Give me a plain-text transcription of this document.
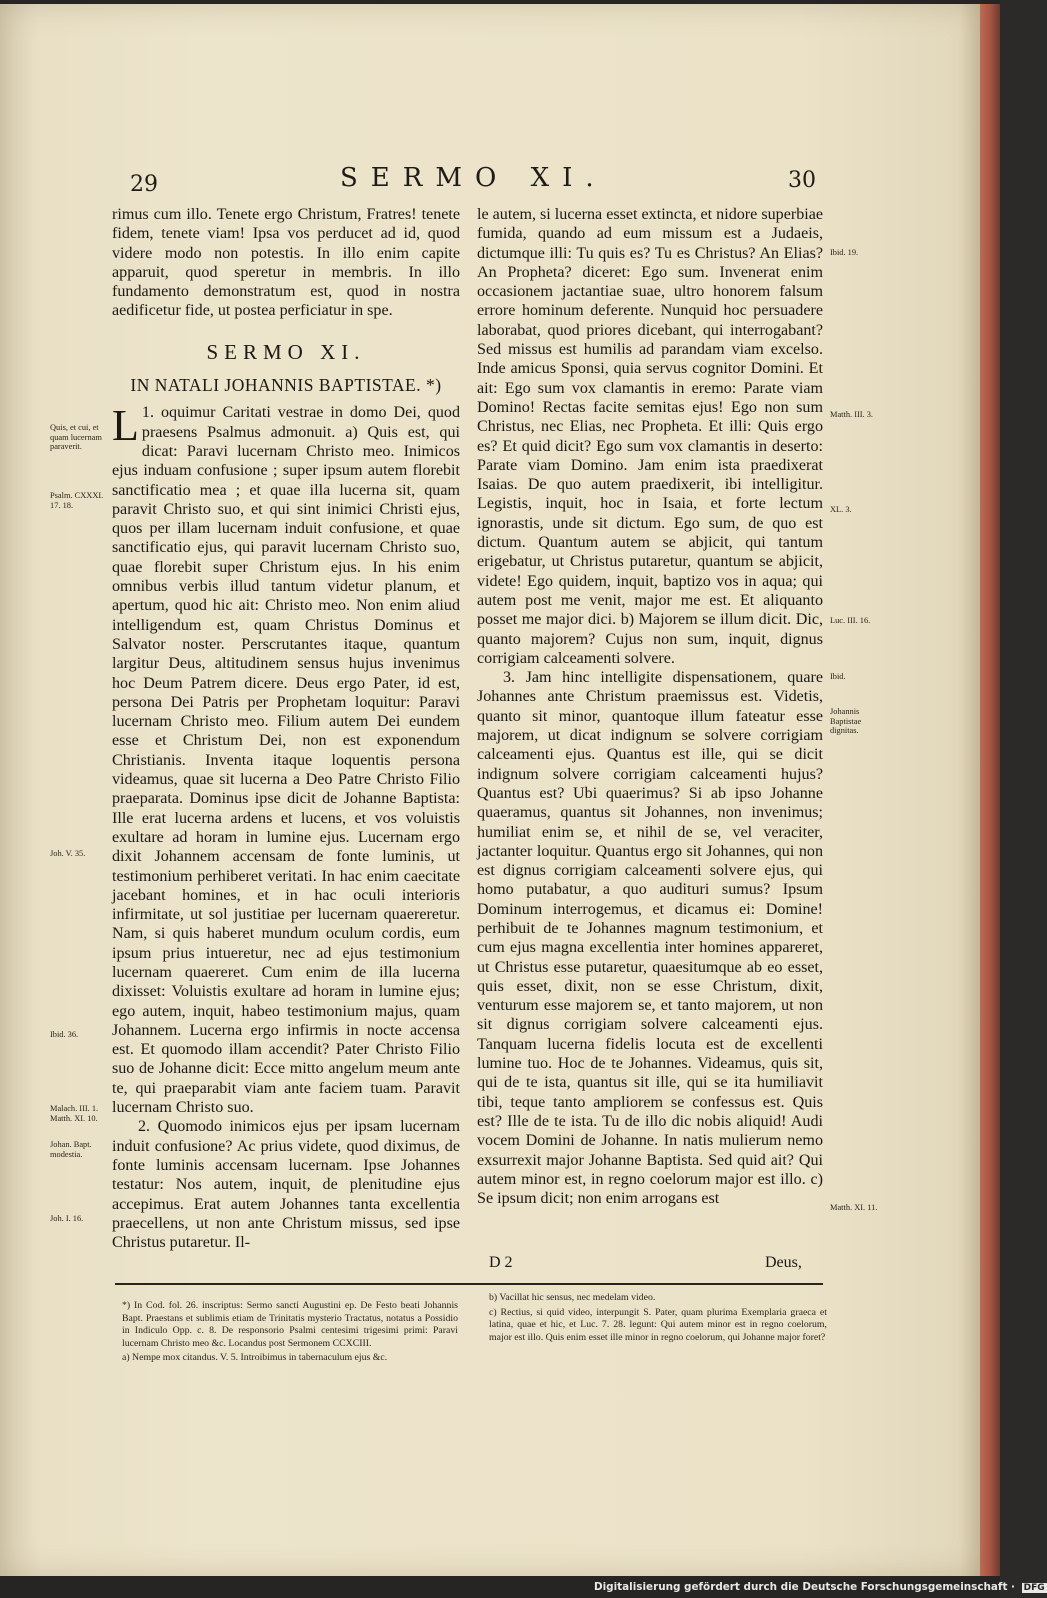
29	SERMO XI.	30

rimus cum illo. Tenete ergo Christum, Fratres! tenete fidem, tenete viam! Ipsa vos perducet ad id, quod videre modo non potestis. In illo enim capite apparuit, quod speretur in membris. In illo fundamento demonstratum est, quod in nostra aedificetur fide, ut postea perficiatur in spe.

SERMO XI.

IN NATALI JOHANNIS BAPTISTAE. *)

1.
L oquimur Caritati vestrae in domo Dei, quod praesens Psalmus admonuit. a) Quis est, qui dicat: Paravi lucernam Christo meo. Inimicos ejus induam confusione ; super ipsum autem florebit sanctificatio mea ; et quae illa lucerna sit, quam paravit Christo suo, et qui sint inimici Christi ejus, quos per illam lucernam induit confusione, et quae sanctificatio ejus, qui paravit lucernam Christo suo, quae florebit super Christum ejus. In his enim omnibus verbis illud tantum videtur planum, et apertum, quod hic ait: Christo meo. Non enim aliud intelligendum est, quam Christus Dominus et Salvator noster. Perscrutantes itaque, quantum largitur Deus, altitudinem sensus hujus invenimus hoc Deum Patrem dicere. Deus ergo Pater, id est, persona Dei Patris per Prophetam loquitur: Paravi lucernam Christo meo. Filium autem Dei eundem esse et Christum Dei, non est exponendum Christianis. Inventa itaque loquentis persona videamus, quae sit lucerna a Deo Patre Christo Filio praeparata. Dominus ipse dicit de Johanne Baptista: Ille erat lucerna ardens et lucens, et vos voluistis exultare ad horam in lumine ejus. Lucernam ergo dixit Johannem accensam de fonte luminis, ut testimonium perhiberet veritati. In hac enim caecitate jacebant homines, et in hac oculi interioris infirmitate, ut sol justitiae per lucernam quaereretur. Nam, si quis haberet mundum oculum cordis, eum ipsum prius intueretur, nec ad ejus testimonium lucernam quaereret. Cum enim de illa lucerna dixisset: Voluistis exultare ad horam in lumine ejus; ego autem, inquit, habeo testimonium majus, quam Johannem. Lucerna ergo infirmis in nocte accensa est. Et quomodo illam accendit? Pater Christo Filio suo de Johanne dicit: Ecce mitto angelum meum ante te, qui praeparabit viam ante faciem tuam. Paravit lucernam Christo suo.

2. Quomodo inimicos ejus per ipsam lucernam induit confusione? Ac prius videte, quod diximus, de fonte luminis accensam lucernam. Ipse Johannes testatur: Nos autem, inquit, de plenitudine ejus accepimus. Erat autem Johannes tanta excellentia praecellens, ut non ante Christum missus, sed ipse Christus putaretur. Il-

le autem, si lucerna esset extincta, et nidore superbiae fumida, quando ad eum missum est a Judaeis, dictumque illi: Tu quis es? Tu es Christus? An Elias? An Propheta? diceret: Ego sum. Invenerat enim occasionem jactantiae suae, ultro honorem falsum errore hominum deferente. Nunquid hoc persuadere laborabat, quod priores dicebant, qui interrogabant? Sed missus est humilis ad parandam viam excelso. Inde amicus Sponsi, quia servus cognitor Domini. Et ait: Ego sum vox clamantis in eremo: Parate viam Domino! Rectas facite semitas ejus! Ego non sum Christus, nec Elias, nec Propheta. Et illi: Quis ergo es? Et quid dicit? Ego sum vox clamantis in deserto: Parate viam Domino. Jam enim ista praedixerat Isaias. De quo autem praedixerit, ibi intelligitur. Legistis, inquit, hoc in Isaia, et forte lectum ignorastis, unde sit dictum. Ego sum, de quo est dictum. Quantum autem se abjicit, qui tantum erigebatur, ut Christus putaretur, quantum se abjicit, videte! Ego quidem, inquit, baptizo vos in aqua; qui autem post me venit, major me est. Et aliquanto posset me major dici. b) Majorem se illum dicit. Dic, quanto majorem? Cujus non sum, inquit, dignus corrigiam calceamenti solvere.

3. Jam hinc intelligite dispensationem, quare Johannes ante Christum praemissus est. Videtis, quanto sit minor, quantoque illum fateatur esse majorem, ut dicat indignum se solvere corrigiam calceamenti ejus. Quantus est ille, qui se dicit indignum solvere corrigiam calceamenti hujus? Quantus est? Ubi quaerimus? Si ab ipso Johanne quaeramus, quantus sit Johannes, non invenimus; humiliat enim se, et nihil de se, vel veraciter, jactanter loquitur. Quantus ergo sit Johannes, qui non est dignus corrigiam calceamenti solvere ejus, qui homo putabatur, a quo audituri sumus? Ipsum Dominum interrogemus, et dicamus ei: Domine! perhibuit de te Johannes magnum testimonium, et cum ejus magna excellentia inter homines appareret, ut Christus esse putaretur, quaesitumque ab eo esset, quis esset, dixit, non se esse Christum, dixit, venturum esse majorem se, et tanto majorem, ut non sit dignus corrigiam solvere calceamenti ejus. Tanquam lucerna fidelis locuta est de excellenti lumine tuo. Hoc de te Johannes. Videamus, quis sit, qui de te ista, quantus sit ille, qui se ita humiliavit tibi, teque tanto ampliorem se confessus est. Quis est? Ille de te ista. Tu de illo dic nobis aliquid! Audi vocem Domini de Johanne. In natis mulierum nemo exsurrexit major Johanne Baptista. Sed quid ait? Qui autem minor est, in regno coelorum major est illo. c) Se ipsum dicit; non enim arrogans est

Quis, et cui, et quam lucernam paraverit.
Psalm. CXXXI. 17. 18.
Joh. V. 35.
Ibid. 36.
Malach. III. 1. Matth. XI. 10.
Johan. Bapt. modestia.
Joh. I. 16.
Ibid. 19.
Matth. III. 3.
XL. 3.
Luc. III. 16.
Ibid.
Johannis Baptistae dignitas.
Matth. XI. 11.
D 2	Deus,

*) In Cod. fol. 26. inscriptus: Sermo sancti Augustini ep. De Festo beati Johannis Bapt. Praestans et sublimis etiam de Trinitatis mysterio Tractatus, notatus a Possidio in Indiculo Opp. c. 8. De responsorio Psalmi centesimi trigesimi primi: Paravi lucernam Christo meo &c. Locandus post Sermonem CCXCIII.

a) Nempe mox citandus. V. 5. Introibimus in tabernaculum ejus &c.

b) Vacillat hic sensus, nec medelam video.

c) Rectius, si quid video, interpungit S. Pater, quam plurima Exemplaria graeca et latina, quae et hic, et Luc. 7. 28. legunt: Qui autem minor est in regno coelorum, major est illo. Quis enim esset ille minor in regno coelorum, qui Johanne major foret?

Digitalisierung gefördert durch die Deutsche Forschungsgemeinschaft · DFG
